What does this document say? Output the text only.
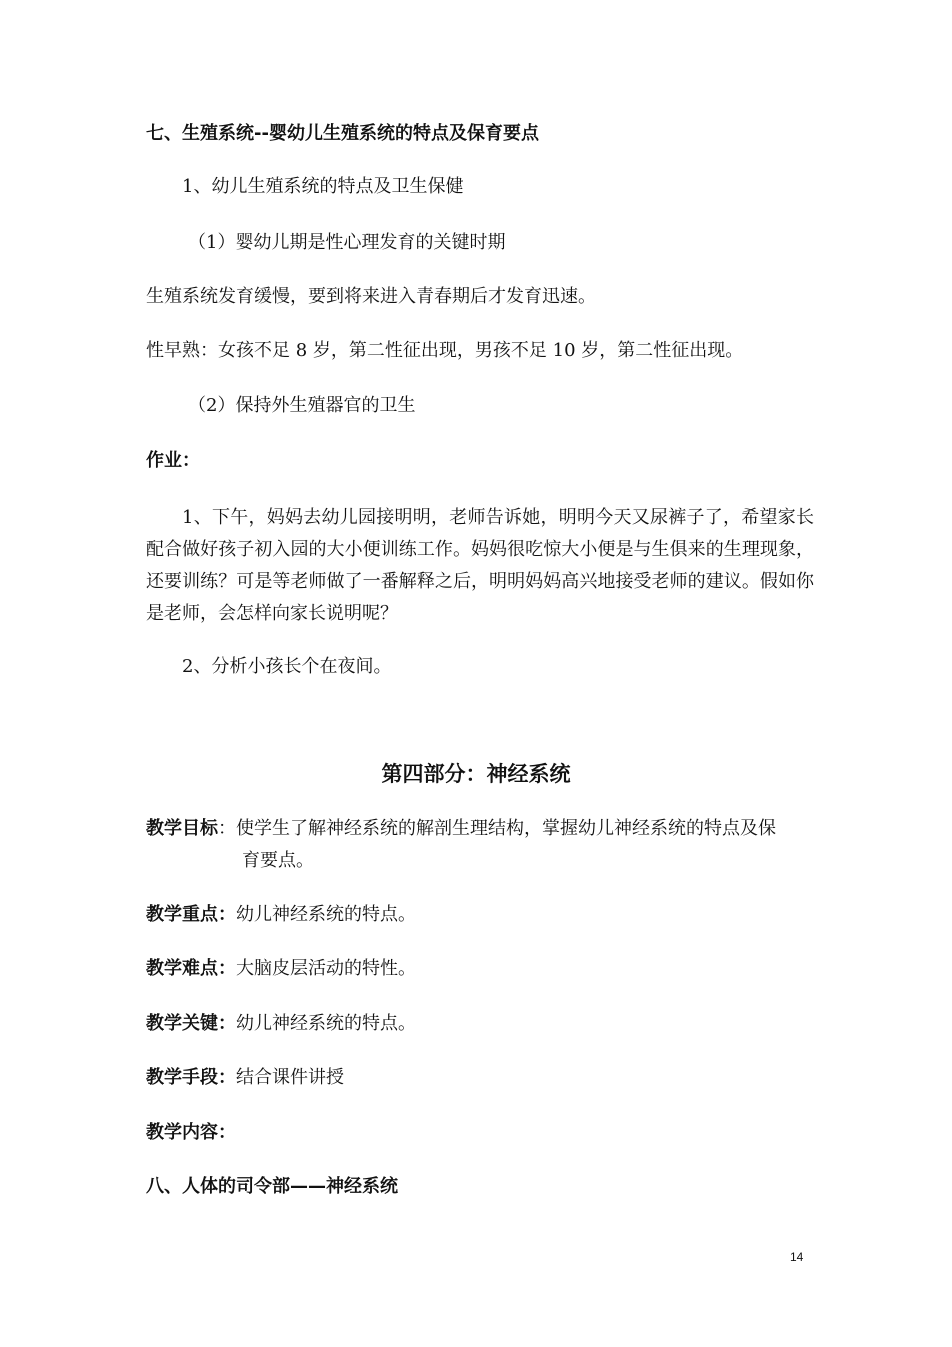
七、生殖系统--婴幼儿生殖系统的特点及保育要点
1、幼儿生殖系统的特点及卫生保健
（1）婴幼儿期是性心理发育的关键时期
生殖系统发育缓慢，要到将来进入青春期后才发育迅速。
性早熟：女孩不足 8 岁，第二性征出现，男孩不足 10 岁，第二性征出现。
（2）保持外生殖器官的卫生
作业：
1、下午，妈妈去幼儿园接明明，老师告诉她，明明今天又尿裤子了，希望家长配合做好孩子初入园的大小便训练工作。妈妈很吃惊大小便是与生俱来的生理现象，还要训练？可是等老师做了一番解释之后，明明妈妈高兴地接受老师的建议。假如你是老师，会怎样向家长说明呢？
2、分析小孩长个在夜间。
第四部分：神经系统
教学目标：使学生了解神经系统的解剖生理结构，掌握幼儿神经系统的特点及保
育要点。
教学重点：幼儿神经系统的特点。
教学难点：大脑皮层活动的特性。
教学关键：幼儿神经系统的特点。
教学手段：结合课件讲授
教学内容：
八、人体的司令部——神经系统
14
